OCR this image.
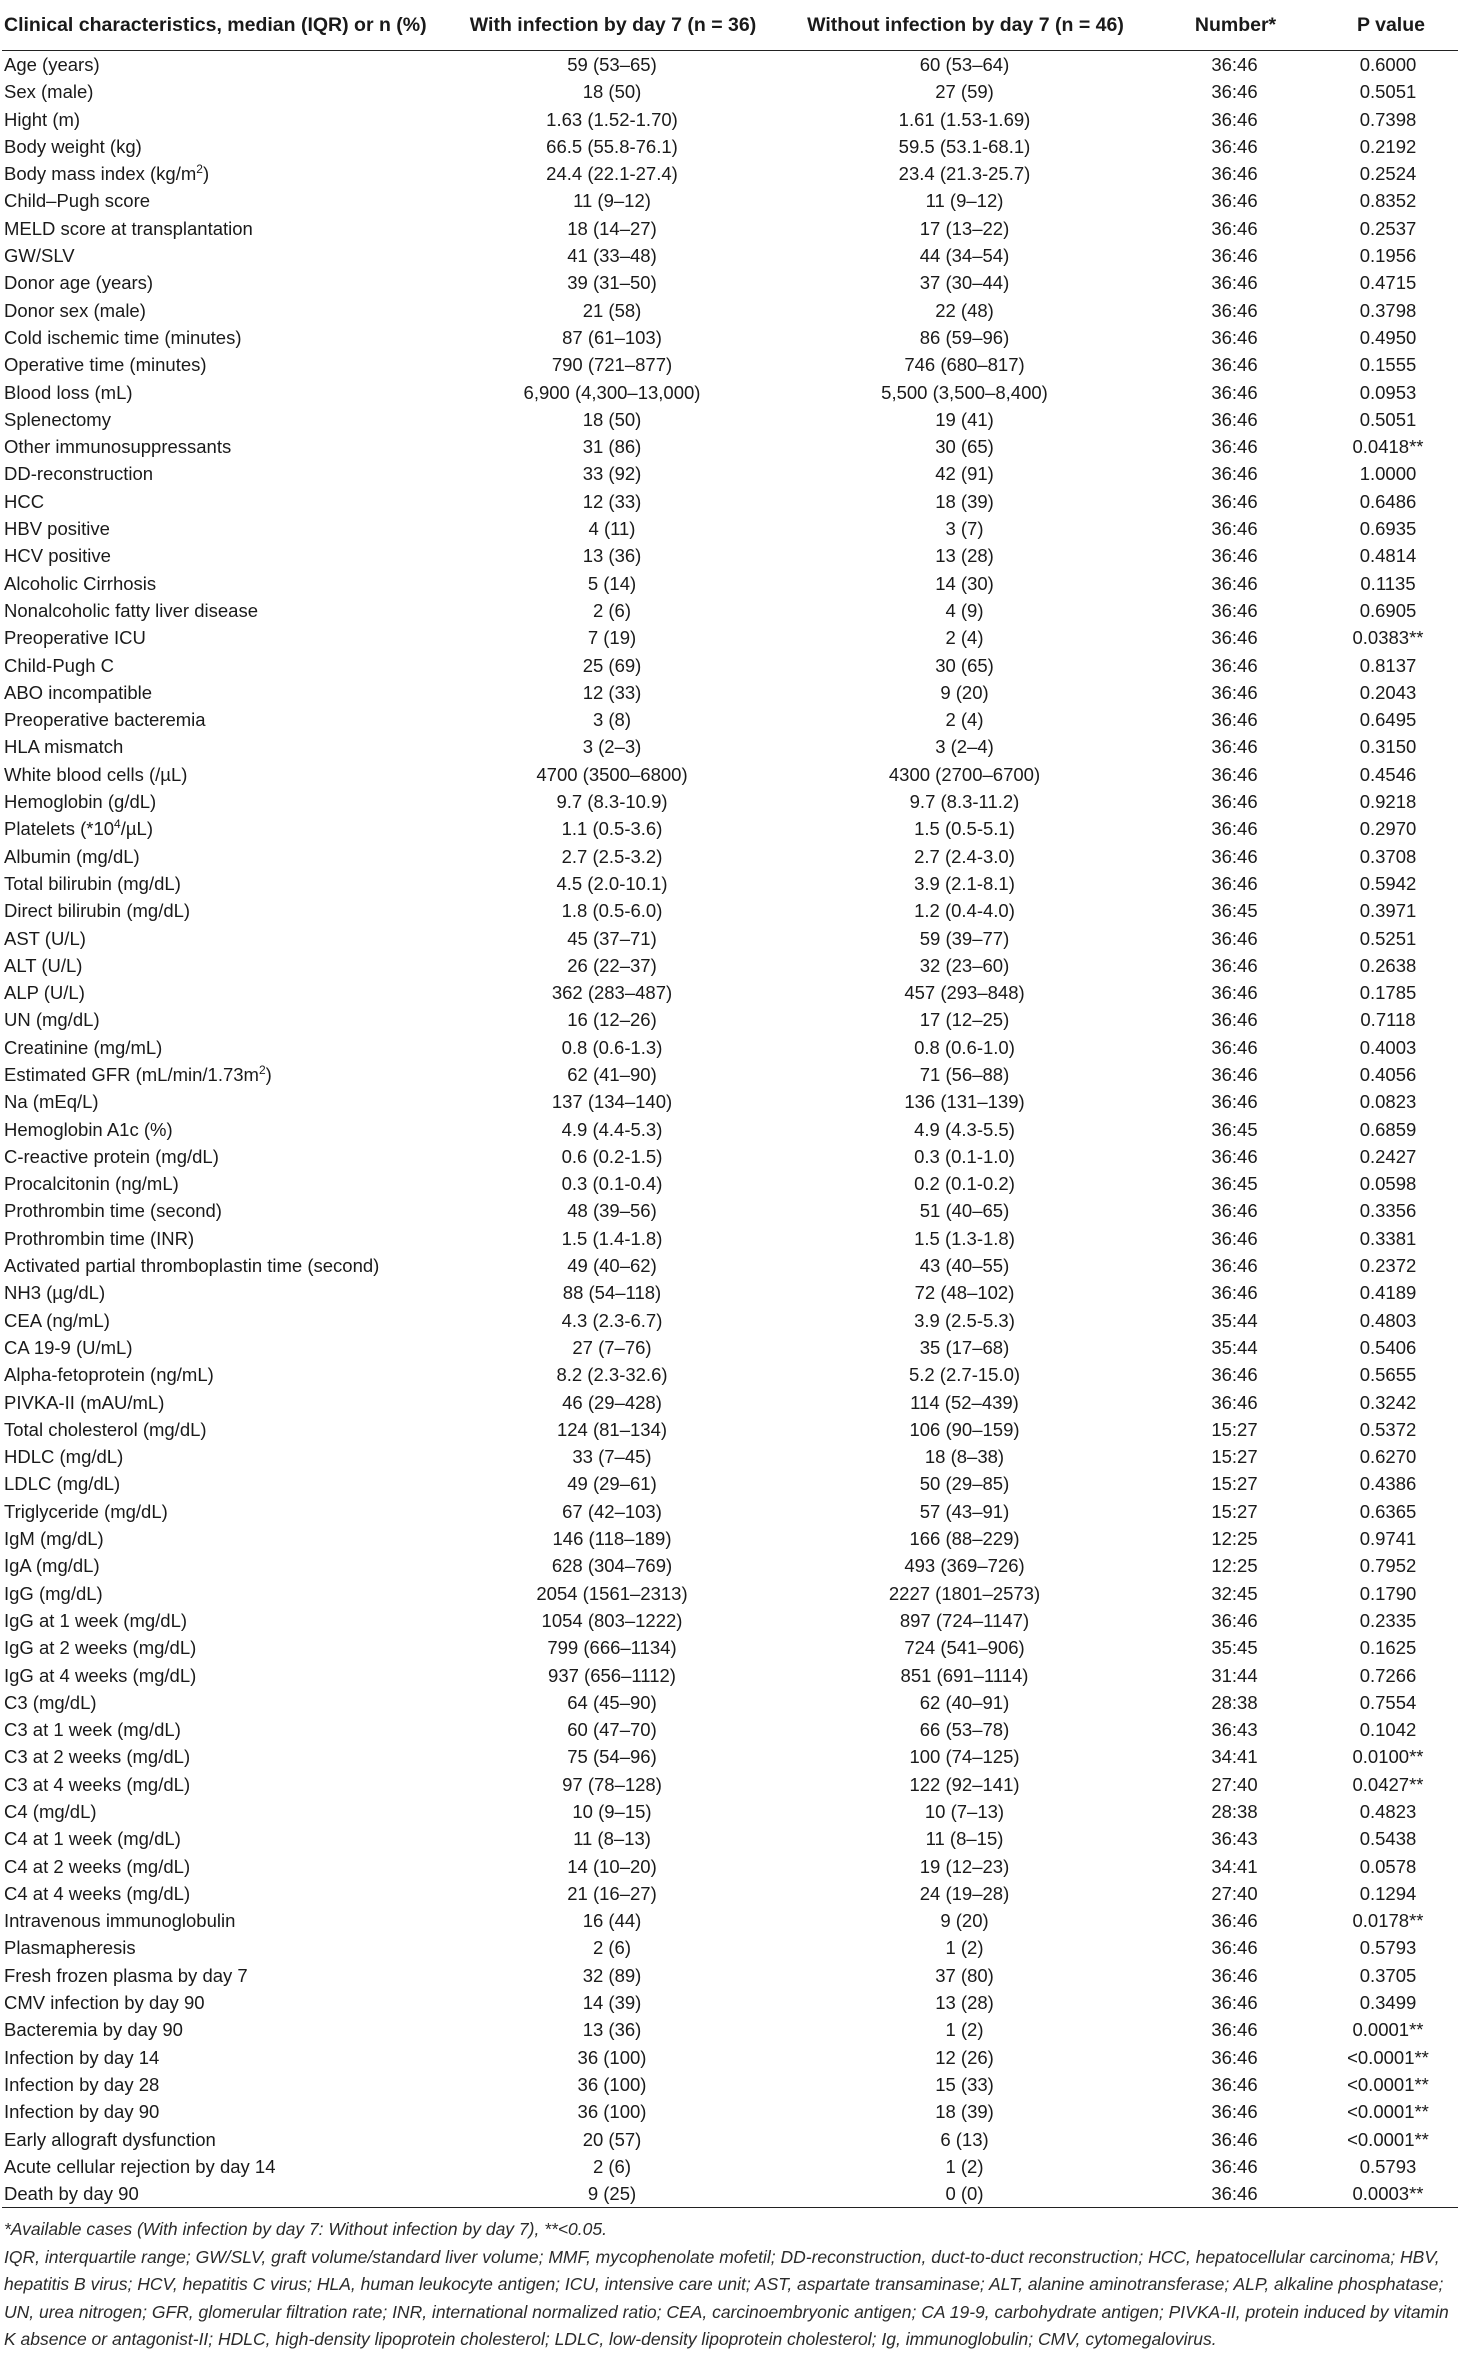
Clinical characteristics, median (IQR) or n (%)	With infection by day 7 (n = 36)	Without infection by day 7 (n = 46)	Number*	P value
Age (years)	59 (53–65)	60 (53–64)	36:46	0.6000
Sex (male)	18 (50)	27 (59)	36:46	0.5051
Hight (m)	1.63 (1.52-1.70)	1.61 (1.53-1.69)	36:46	0.7398
Body weight (kg)	66.5 (55.8-76.1)	59.5 (53.1-68.1)	36:46	0.2192
Body mass index $(kg/m^2)$	24.4 (22.1-27.4)	23.4 (21.3-25.7)	36:46	0.2524
Child–Pugh score	11 (9–12)	11 (9–12)	36:46	0.8352
MELD score at transplantation	18 (14–27)	17 (13–22)	36:46	0.2537
GW/SLV	41 (33–48)	44 (34–54)	36:46	0.1956
Donor age (years)	39 (31–50)	37 (30–44)	36:46	0.4715
Donor sex (male)	21 (58)	22 (48)	36:46	0.3798
Cold ischemic time (minutes)	87 (61–103)	86 (59–96)	36:46	0.4950
Operative time (minutes)	790 (721–877)	746 (680–817)	36:46	0.1555
Blood loss (mL)	6,900 (4,300–13,000)	5,500 (3,500–8,400)	36:46	0.0953
Splenectomy	18 (50)	19 (41)	36:46	0.5051
Other immunosuppressants	31 (86)	30 (65)	36:46	0.0418**
DD-reconstruction	33 (92)	42 (91)	36:46	1.0000
HCC	12 (33)	18 (39)	36:46	0.6486
HBV positive	4 (11)	3 (7)	36:46	0.6935
HCV positive	13 (36)	13 (28)	36:46	0.4814
Alcoholic Cirrhosis	5 (14)	14 (30)	36:46	0.1135
Nonalcoholic fatty liver disease	2 (6)	4 (9)	36:46	0.6905
Preoperative ICU	7 (19)	2 (4)	36:46	0.0383**
Child-Pugh C	25 (69)	30 (65)	36:46	0.8137
ABO incompatible	12 (33)	9 (20)	36:46	0.2043
Preoperative bacteremia	3 (8)	2 (4)	36:46	0.6495
HLA mismatch	3 (2–3)	3 (2–4)	36:46	0.3150
White blood cells (/µL)	4700 (3500–6800)	4300 (2700–6700)	36:46	0.4546
Hemoglobin (g/dL)	9.7 (8.3-10.9)	9.7 (8.3-11.2)	36:46	0.9218
Platelets $(*10^4/\mu L)$	1.1 (0.5-3.6)	1.5 (0.5-5.1)	36:46	0.2970
Albumin (mg/dL)	2.7 (2.5-3.2)	2.7 (2.4-3.0)	36:46	0.3708
Total bilirubin (mg/dL)	4.5 (2.0-10.1)	3.9 (2.1-8.1)	36:46	0.5942
Direct bilirubin (mg/dL)	1.8 (0.5-6.0)	1.2 (0.4-4.0)	36:45	0.3971
AST (U/L)	45 (37–71)	59 (39–77)	36:46	0.5251
ALT (U/L)	26 (22–37)	32 (23–60)	36:46	0.2638
ALP (U/L)	362 (283–487)	457 (293–848)	36:46	0.1785
UN (mg/dL)	16 (12–26)	17 (12–25)	36:46	0.7118
Creatinine (mg/mL)	0.8 (0.6-1.3)	0.8 (0.6-1.0)	36:46	0.4003
Estimated GFR $(mL/\min/1.73m^2)$	62 (41–90)	71 (56–88)	36:46	0.4056
Na (mEq/L)	137 (134–140)	136 (131–139)	36:46	0.0823
Hemoglobin A1c (%)	4.9 (4.4-5.3)	4.9 (4.3-5.5)	36:45	0.6859
C-reactive protein (mg/dL)	0.6 (0.2-1.5)	0.3 (0.1-1.0)	36:46	0.2427
Procalcitonin (ng/mL)	0.3 (0.1-0.4)	0.2 (0.1-0.2)	36:45	0.0598
Prothrombin time (second)	48 (39–56)	51 (40–65)	36:46	0.3356
Prothrombin time (INR)	1.5 (1.4-1.8)	1.5 (1.3-1.8)	36:46	0.3381
Activated partial thromboplastin time (second)	49 (40–62)	43 (40–55)	36:46	0.2372
NH3 (µg/dL)	88 (54–118)	72 (48–102)	36:46	0.4189
CEA (ng/mL)	4.3 (2.3-6.7)	3.9 (2.5-5.3)	35:44	0.4803
CA 19-9 (U/mL)	27 (7–76)	35 (17–68)	35:44	0.5406
Alpha-fetoprotein (ng/mL)	8.2 (2.3-32.6)	5.2 (2.7-15.0)	36:46	0.5655
PIVKA-II (mAU/mL)	46 (29–428)	114 (52–439)	36:46	0.3242
Total cholesterol (mg/dL)	124 (81–134)	106 (90–159)	15:27	0.5372
HDLC (mg/dL)	33 (7–45)	18 (8–38)	15:27	0.6270
LDLC (mg/dL)	49 (29–61)	50 (29–85)	15:27	0.4386
Triglyceride (mg/dL)	67 (42–103)	57 (43–91)	15:27	0.6365
IgM (mg/dL)	146 (118–189)	166 (88–229)	12:25	0.9741
IgA (mg/dL)	628 (304–769)	493 (369–726)	12:25	0.7952
IgG (mg/dL)	2054 (1561–2313)	2227 (1801–2573)	32:45	0.1790
IgG at 1 week (mg/dL)	1054 (803–1222)	897 (724–1147)	36:46	0.2335
IgG at 2 weeks (mg/dL)	799 (666–1134)	724 (541–906)	35:45	0.1625
IgG at 4 weeks (mg/dL)	937 (656–1112)	851 (691–1114)	31:44	0.7266
C3 (mg/dL)	64 (45–90)	62 (40–91)	28:38	0.7554
C3 at 1 week (mg/dL)	60 (47–70)	66 (53–78)	36:43	0.1042
C3 at 2 weeks (mg/dL)	75 (54–96)	100 (74–125)	34:41	0.0100**
C3 at 4 weeks (mg/dL)	97 (78–128)	122 (92–141)	27:40	0.0427**
C4 (mg/dL)	10 (9–15)	10 (7–13)	28:38	0.4823
C4 at 1 week (mg/dL)	11 (8–13)	11 (8–15)	36:43	0.5438
C4 at 2 weeks (mg/dL)	14 (10–20)	19 (12–23)	34:41	0.0578
C4 at 4 weeks (mg/dL)	21 (16–27)	24 (19–28)	27:40	0.1294
Intravenous immunoglobulin	16 (44)	9 (20)	36:46	0.0178**
Plasmapheresis	2 (6)	1 (2)	36:46	0.5793
Fresh frozen plasma by day 7	32 (89)	37 (80)	36:46	0.3705
CMV infection by day 90	14 (39)	13 (28)	36:46	0.3499
Bacteremia by day 90	13 (36)	1 (2)	36:46	0.0001**
Infection by day 14	36 (100)	12 (26)	36:46	<0.0001**
Infection by day 28	36 (100)	15 (33)	36:46	<0.0001**
Infection by day 90	36 (100)	18 (39)	36:46	<0.0001**
Early allograft dysfunction	20 (57)	6 (13)	36:46	<0.0001**
Acute cellular rejection by day 14	2 (6)	1 (2)	36:46	0.5793
Death by day 90	9 (25)	0 (0)	36:46	0.0003**

*Available cases (With infection by day 7: Without infection by day 7), **<0.05.

IQR, interquartile range; GW/SLV, graft volume/standard liver volume; MMF, mycophenolate mofetil; DD-reconstruction, duct-to-duct reconstruction; HCC, hepatocellular carcinoma; HBV, hepatitis B virus; HCV, hepatitis C virus; HLA, human leukocyte antigen; ICU, intensive care unit; AST, aspartate transaminase; ALT, alanine aminotransferase; ALP, alkaline phosphatase; UN, urea nitrogen; GFR, glomerular filtration rate; INR, international normalized ratio; CEA, carcinoembryonic antigen; CA 19-9, carbohydrate antigen; PIVKA-II, protein induced by vitamin K absence or antagonist-II; HDLC, high-density lipoprotein cholesterol; LDLC, low-density lipoprotein cholesterol; Ig, immunoglobulin; CMV, cytomegalovirus.
